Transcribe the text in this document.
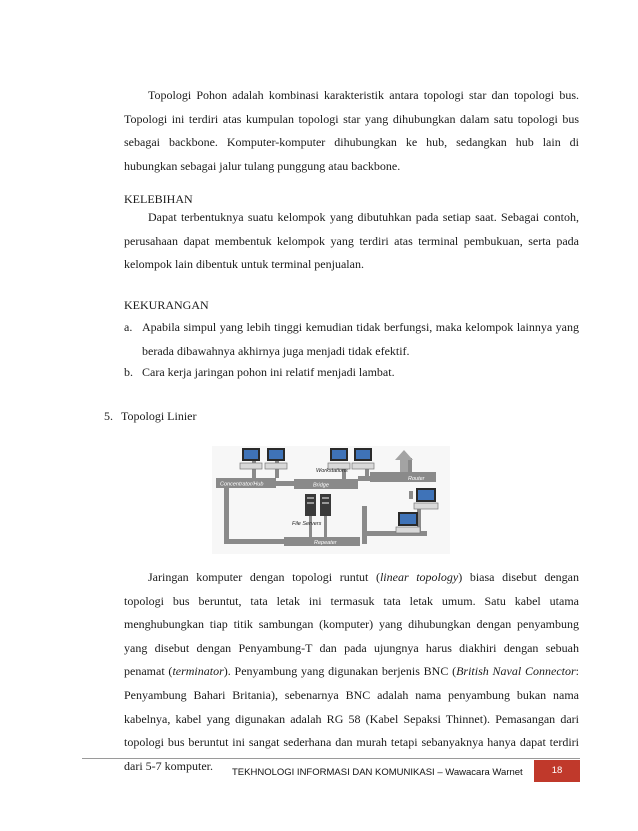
Topologi Pohon adalah kombinasi karakteristik antara topologi star dan topologi bus. Topologi ini terdiri atas kumpulan topologi star yang dihubungkan dalam satu topologi bus sebagai backbone. Komputer-komputer dihubungkan ke hub, sedangkan hub lain di hubungkan sebagai jalur tulang punggung atau backbone.

KELEBIHAN

Dapat terbentuknya suatu kelompok yang dibutuhkan pada setiap saat. Sebagai contoh, perusahaan dapat membentuk kelompok yang terdiri atas terminal pembukuan, serta pada kelompok lain dibentuk untuk terminal penjualan.

KEKURANGAN

a. Apabila simpul yang lebih tinggi kemudian tidak berfungsi, maka kelompok lainnya yang berada dibawahnya akhirnya juga menjadi tidak efektif.
b. Cara kerja jaringan pohon ini relatif menjadi lambat.

5. Topologi Linier

Workstations
Router
Concentrator/Hub	Bridge
File Servers
Repeater

Jaringan komputer dengan topologi runtut (linear topology) biasa disebut dengan topologi bus beruntut, tata letak ini termasuk tata letak umum. Satu kabel utama menghubungkan tiap titik sambungan (komputer) yang dihubungkan dengan penyambung yang disebut dengan Penyambung-T dan pada ujungnya harus diakhiri dengan sebuah penamat (terminator). Penyambung yang digunakan berjenis BNC (British Naval Connector: Penyambung Bahari Britania), sebenarnya BNC adalah nama penyambung bukan nama kabelnya, kabel yang digunakan adalah RG 58 (Kabel Sepaksi Thinnet). Pemasangan dari topologi bus beruntut ini sangat sederhana dan murah tetapi sebanyaknya hanya dapat terdiri dari 5-7 komputer.	TEKHNOLOGI INFORMASI DAN KOMUNIKASI – Wawacara Warnet	18
